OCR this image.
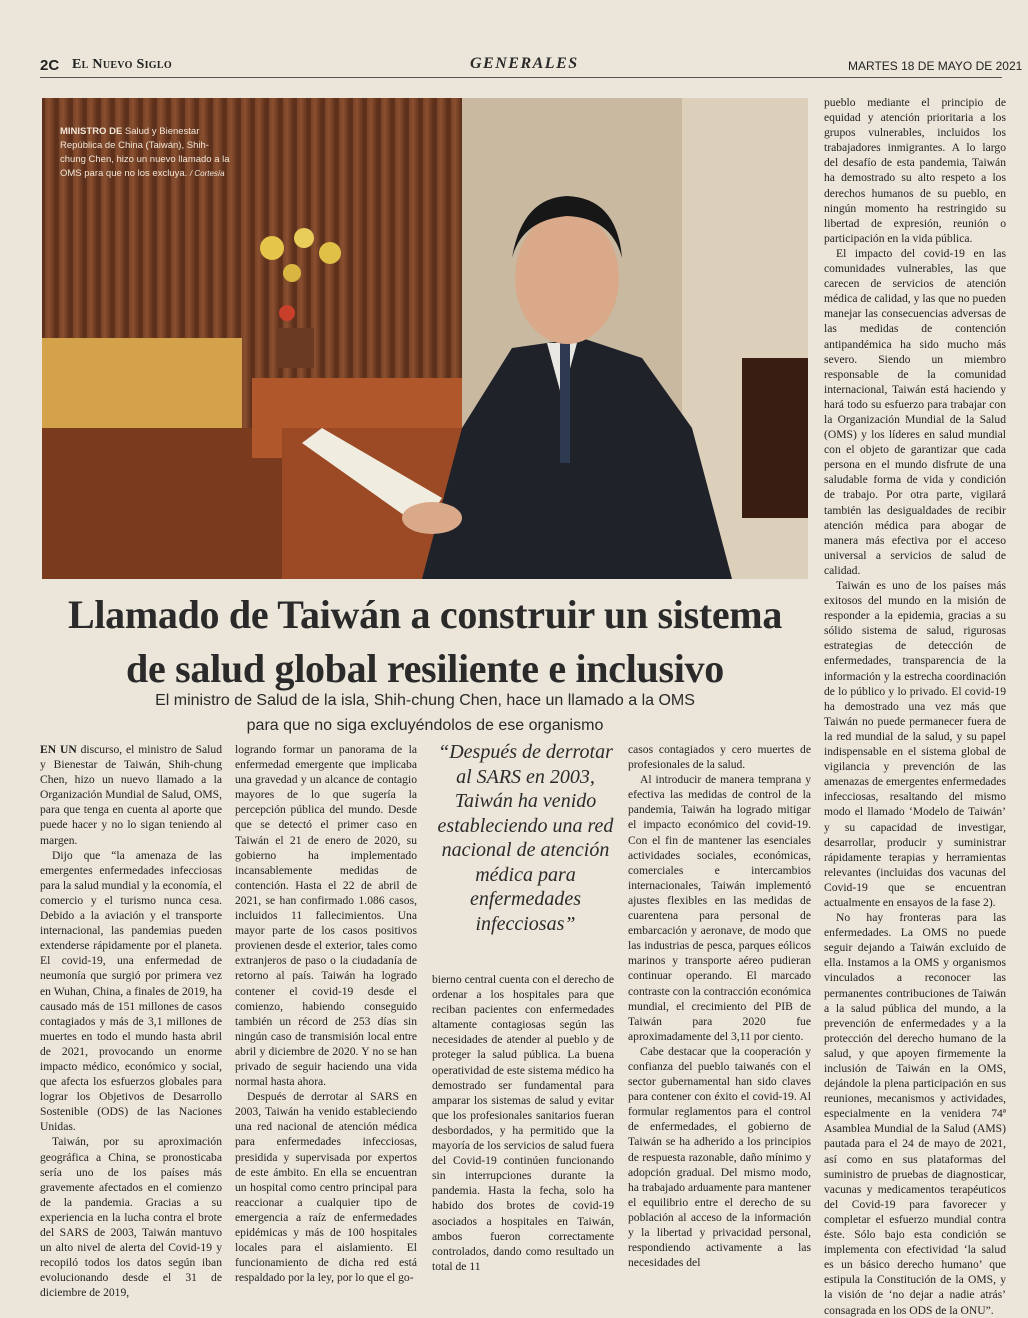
2C El Nuevo Siglo	GENERALES	MARTES 18 DE MAYO DE 2021
MINISTRO DE Salud y Bienestar República de China (Taiwán), Shih-chung Chen, hizo un nuevo llamado a la OMS para que no los excluya. / Cortesía
Llamado de Taiwán a construir un sistema
de salud global resiliente e inclusivo
El ministro de Salud de la isla, Shih-chung Chen, hace un llamado a la OMS
para que no siga excluyéndolos de ese organismo

EN UN discurso, el ministro de Salud y Bienestar de Taiwán, Shih-chung Chen, hizo un nuevo llamado a la Organización Mundial de Salud, OMS, para que tenga en cuenta al aporte que puede hacer y no lo sigan teniendo al margen.

Dijo que “la amenaza de las emergentes enfermedades infecciosas para la salud mundial y la economía, el comercio y el turismo nunca cesa. Debido a la aviación y el transporte internacional, las pandemias pueden extenderse rápidamente por el planeta. El covid-19, una enfermedad de neumonía que surgió por primera vez en Wuhan, China, a finales de 2019, ha causado más de 151 millones de casos contagiados y más de 3,1 millones de muertes en todo el mundo hasta abril de 2021, provocando un enorme impacto médico, económico y social, que afecta los esfuerzos globales para lograr los Objetivos de Desarrollo Sostenible (ODS) de las Naciones Unidas.

Taiwán, por su aproximación geográfica a China, se pronosticaba sería uno de los países más gravemente afectados en el comienzo de la pandemia. Gracias a su experiencia en la lucha contra el brote del SARS de 2003, Taiwán mantuvo un alto nivel de alerta del Covid-19 y recopiló todos los datos según iban evolucionando desde el 31 de diciembre de 2019,

logrando formar un panorama de la enfermedad emergente que implicaba una gravedad y un alcance de contagio mayores de lo que sugería la percepción pública del mundo. Desde que se detectó el primer caso en Taiwán el 21 de enero de 2020, su gobierno ha implementado incansablemente medidas de contención. Hasta el 22 de abril de 2021, se han confirmado 1.086 casos, incluidos 11 fallecimientos. Una mayor parte de los casos positivos provienen desde el exterior, tales como extranjeros de paso o la ciudadanía de retorno al país. Taiwán ha logrado contener el covid-19 desde el comienzo, habiendo conseguido también un récord de 253 días sin ningún caso de transmisión local entre abril y diciembre de 2020. Y no se han privado de seguir haciendo una vida normal hasta ahora.

Después de derrotar al SARS en 2003, Taiwán ha venido estableciendo una red nacional de atención médica para enfermedades infecciosas, presidida y supervisada por expertos de este ámbito. En ella se encuentran un hospital como centro principal para reaccionar a cualquier tipo de emergencia a raíz de enfermedades epidémicas y más de 100 hospitales locales para el aislamiento. El funcionamiento de dicha red está respaldado por la ley, por lo que el go-

“Después de derrotar al SARS en 2003, Taiwán ha venido estableciendo una red nacional de atención médica para enfermedades infecciosas”

bierno central cuenta con el derecho de ordenar a los hospitales para que reciban pacientes con enfermedades altamente contagiosas según las necesidades de atender al pueblo y de proteger la salud pública. La buena operatividad de este sistema médico ha demostrado ser fundamental para amparar los sistemas de salud y evitar que los profesionales sanitarios fueran desbordados, y ha permitido que la mayoría de los servicios de salud fuera del Covid-19 continúen funcionando sin interrupciones durante la pandemia. Hasta la fecha, solo ha habido dos brotes de covid-19 asociados a hospitales en Taiwán, ambos fueron correctamente controlados, dando como resultado un total de 11

casos contagiados y cero muertes de profesionales de la salud.

Al introducir de manera temprana y efectiva las medidas de control de la pandemia, Taiwán ha logrado mitigar el impacto económico del covid-19. Con el fin de mantener las esenciales actividades sociales, económicas, comerciales e intercambios internacionales, Taiwán implementó ajustes flexibles en las medidas de cuarentena para personal de embarcación y aeronave, de modo que las industrias de pesca, parques eólicos marinos y transporte aéreo pudieran continuar operando. El marcado contraste con la contracción económica mundial, el crecimiento del PIB de Taiwán para 2020 fue aproximadamente del 3,11 por ciento.

Cabe destacar que la cooperación y confianza del pueblo taiwanés con el sector gubernamental han sido claves para contener con éxito el covid-19. Al formular reglamentos para el control de enfermedades, el gobierno de Taiwán se ha adherido a los principios de respuesta razonable, daño mínimo y adopción gradual. Del mismo modo, ha trabajado arduamente para mantener el equilibrio entre el derecho de su población al acceso de la información y la libertad y privacidad personal, respondiendo activamente a las necesidades del

pueblo mediante el principio de equidad y atención prioritaria a los grupos vulnerables, incluidos los trabajadores inmigrantes. A lo largo del desafío de esta pandemia, Taiwán ha demostrado su alto respeto a los derechos humanos de su pueblo, en ningún momento ha restringido su libertad de expresión, reunión o participación en la vida pública.

El impacto del covid-19 en las comunidades vulnerables, las que carecen de servicios de atención médica de calidad, y las que no pueden manejar las consecuencias adversas de las medidas de contención antipandémica ha sido mucho más severo. Siendo un miembro responsable de la comunidad internacional, Taiwán está haciendo y hará todo su esfuerzo para trabajar con la Organización Mundial de la Salud (OMS) y los líderes en salud mundial con el objeto de garantizar que cada persona en el mundo disfrute de una saludable forma de vida y condición de trabajo. Por otra parte, vigilará también las desigualdades de recibir atención médica para abogar de manera más efectiva por el acceso universal a servicios de salud de calidad.

Taiwán es uno de los países más exitosos del mundo en la misión de responder a la epidemia, gracias a su sólido sistema de salud, rigurosas estrategias de detección de enfermedades, transparencia de la información y la estrecha coordinación de lo público y lo privado. El covid-19 ha demostrado una vez más que Taiwán no puede permanecer fuera de la red mundial de la salud, y su papel indispensable en el sistema global de vigilancia y prevención de las amenazas de emergentes enfermedades infecciosas, resaltando del mismo modo el llamado ‘Modelo de Taiwán’ y su capacidad de investigar, desarrollar, producir y suministrar rápidamente terapias y herramientas relevantes (incluidas dos vacunas del Covid-19 que se encuentran actualmente en ensayos de la fase 2).

No hay fronteras para las enfermedades. La OMS no puede seguir dejando a Taiwán excluido de ella. Instamos a la OMS y organismos vinculados a reconocer las permanentes contribuciones de Taiwán a la salud pública del mundo, a la prevención de enfermedades y a la protección del derecho humano de la salud, y que apoyen firmemente la inclusión de Taiwán en la OMS, dejándole la plena participación en sus reuniones, mecanismos y actividades, especialmente en la venidera 74ª Asamblea Mundial de la Salud (AMS) pautada para el 24 de mayo de 2021, así como en sus plataformas del suministro de pruebas de diagnosticar, vacunas y medicamentos terapéuticos del Covid-19 para favorecer y completar el esfuerzo mundial contra éste. Sólo bajo esta condición se implementa con efectividad ‘la salud es un básico derecho humano’ que estipula la Constitución de la OMS, y la visión de ‘no dejar a nadie atrás’ consagrada en los ODS de la ONU”.
